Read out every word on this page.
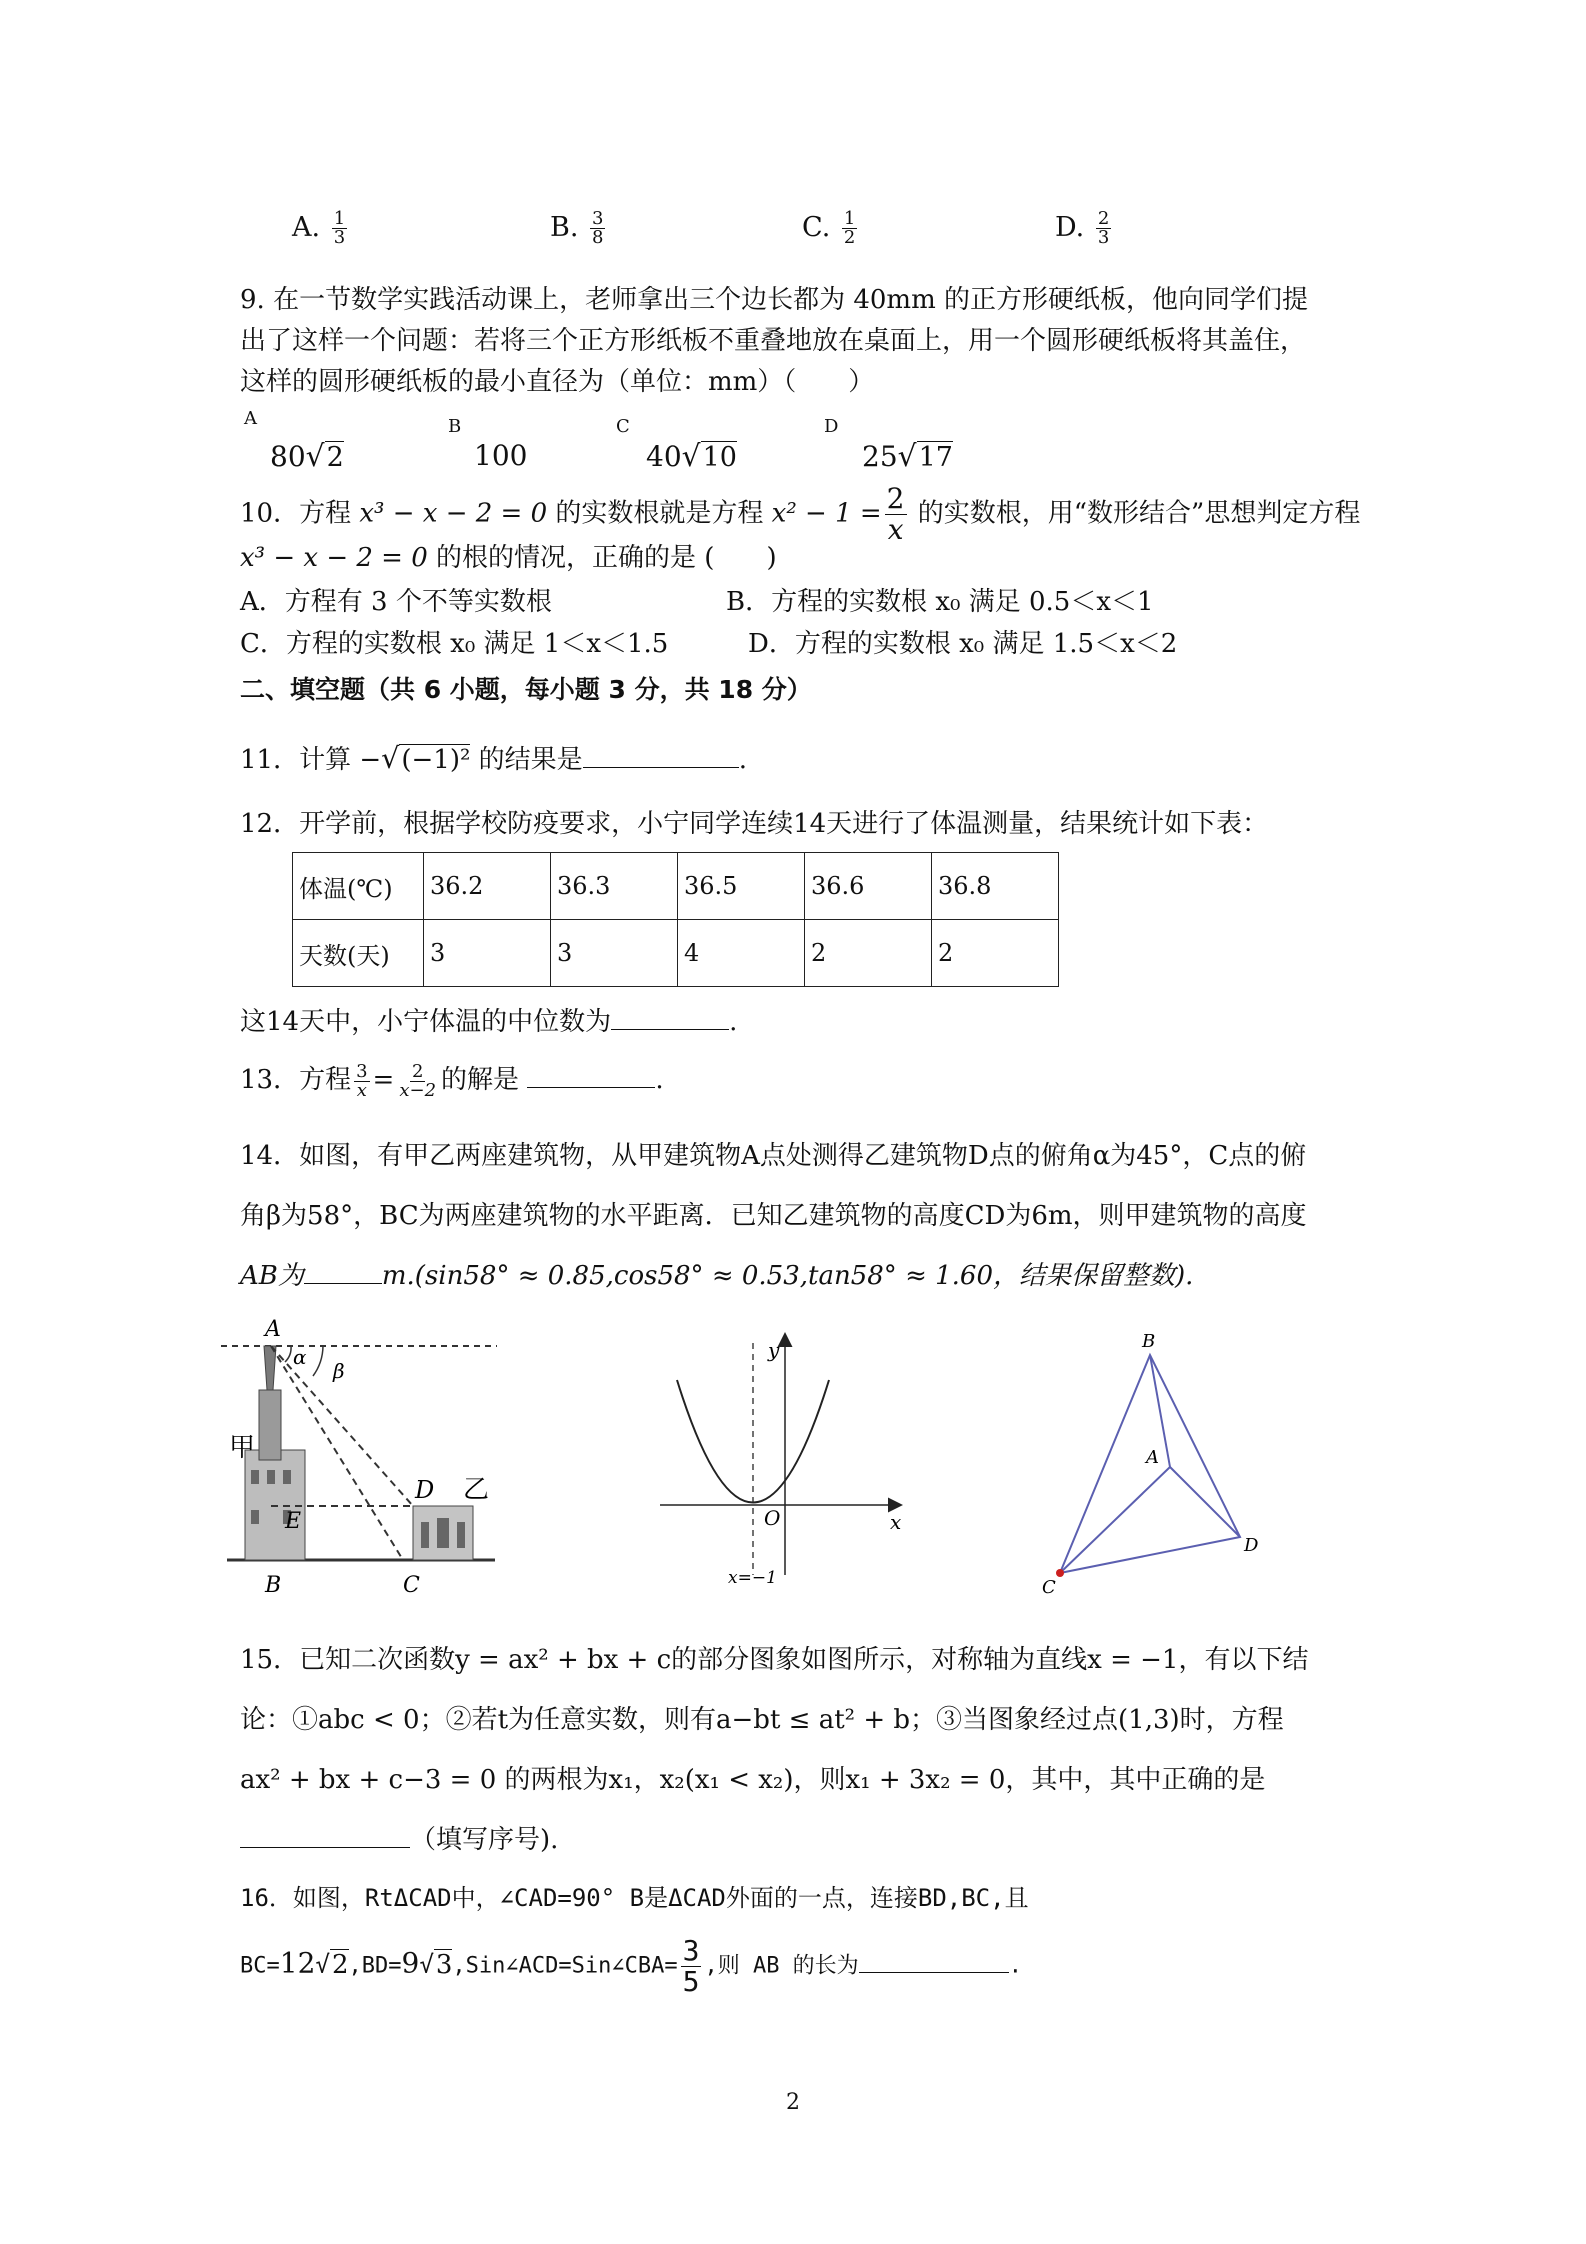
A. $\frac{1}{3}$	B. $\frac{3}{8}$	C. $\frac{1}{2}$	D. $\frac{2}{3}$
9. 在一节数学实践活动课上，老师拿出三个边长都为 40mm 的正方形硬纸板，他向同学们提
出了这样一个问题：若将三个正方形纸板不重叠地放在桌面上，用一个圆形硬纸板将其盖住，
这样的圆形硬纸板的最小直径为（单位：mm）（　　）
$^A$
80√2
B
100
C
40√10
D
25√17
10．方程 x³ − x − 2 = 0 的实数根就是方程 $x^2 - 1 = \frac{2}{x}$ 的实数根，用“数形结合”思想判定方程
x³ − x − 2 = 0 的根的情况，正确的是 (　　)
A．方程有 3 个不等实数根	B．方程的实数根 x₀ 满足 0.5＜x＜1
C．方程的实数根 x₀ 满足 1＜x＜1.5	D．方程的实数根 x₀ 满足 1.5＜x＜2
二、填空题（共 6 小题，每小题 3 分，共 18 分）
11．计算 −√(−1)² 的结果是	.
12．开学前，根据学校防疫要求，小宁同学连续14天进行了体温测量，结果统计如下表：
体温(℃)	36.2	36.3	36.5	36.6	36.8
天数(天)	3	3	4	2	2
这14天中，小宁体温的中位数为	.
13．方程 $\frac{3}{x} = \frac{2}{x-2}$ 的解是	.
14．如图，有甲乙两座建筑物，从甲建筑物A点处测得乙建筑物D点的俯角α为45°，C点的俯
角β为58°，BC为两座建筑物的水平距离．已知乙建筑物的高度CD为6m，则甲建筑物的高度
AB为	m.(sin58° ≈ 0.85,cos58° ≈ 0.53,tan58° ≈ 1.60，结果保留整数).
A
α
β
甲
D 乙
E
B	C
y
x
O
x=−1
B
A
C
D
15．已知二次函数y = ax² + bx + c的部分图象如图所示，对称轴为直线x = −1，有以下结
论：①abc < 0；②若t为任意实数，则有a−bt ≤ at² + b；③当图象经过点(1,3)时，方程
ax² + bx + c−3 = 0 的两根为x₁，x₂(x₁ < x₂)，则x₁ + 3x₂ = 0，其中，其中正确的是
（填写序号).
16．如图，RtΔCAD中，∠CAD=90° B是ΔCAD外面的一点，连接BD,BC,且
BC=12√2,BD=9√3,Sin∠ACD=Sin∠CBA= $\frac{3}{5}$ ,则 AB 的长为	.
2
